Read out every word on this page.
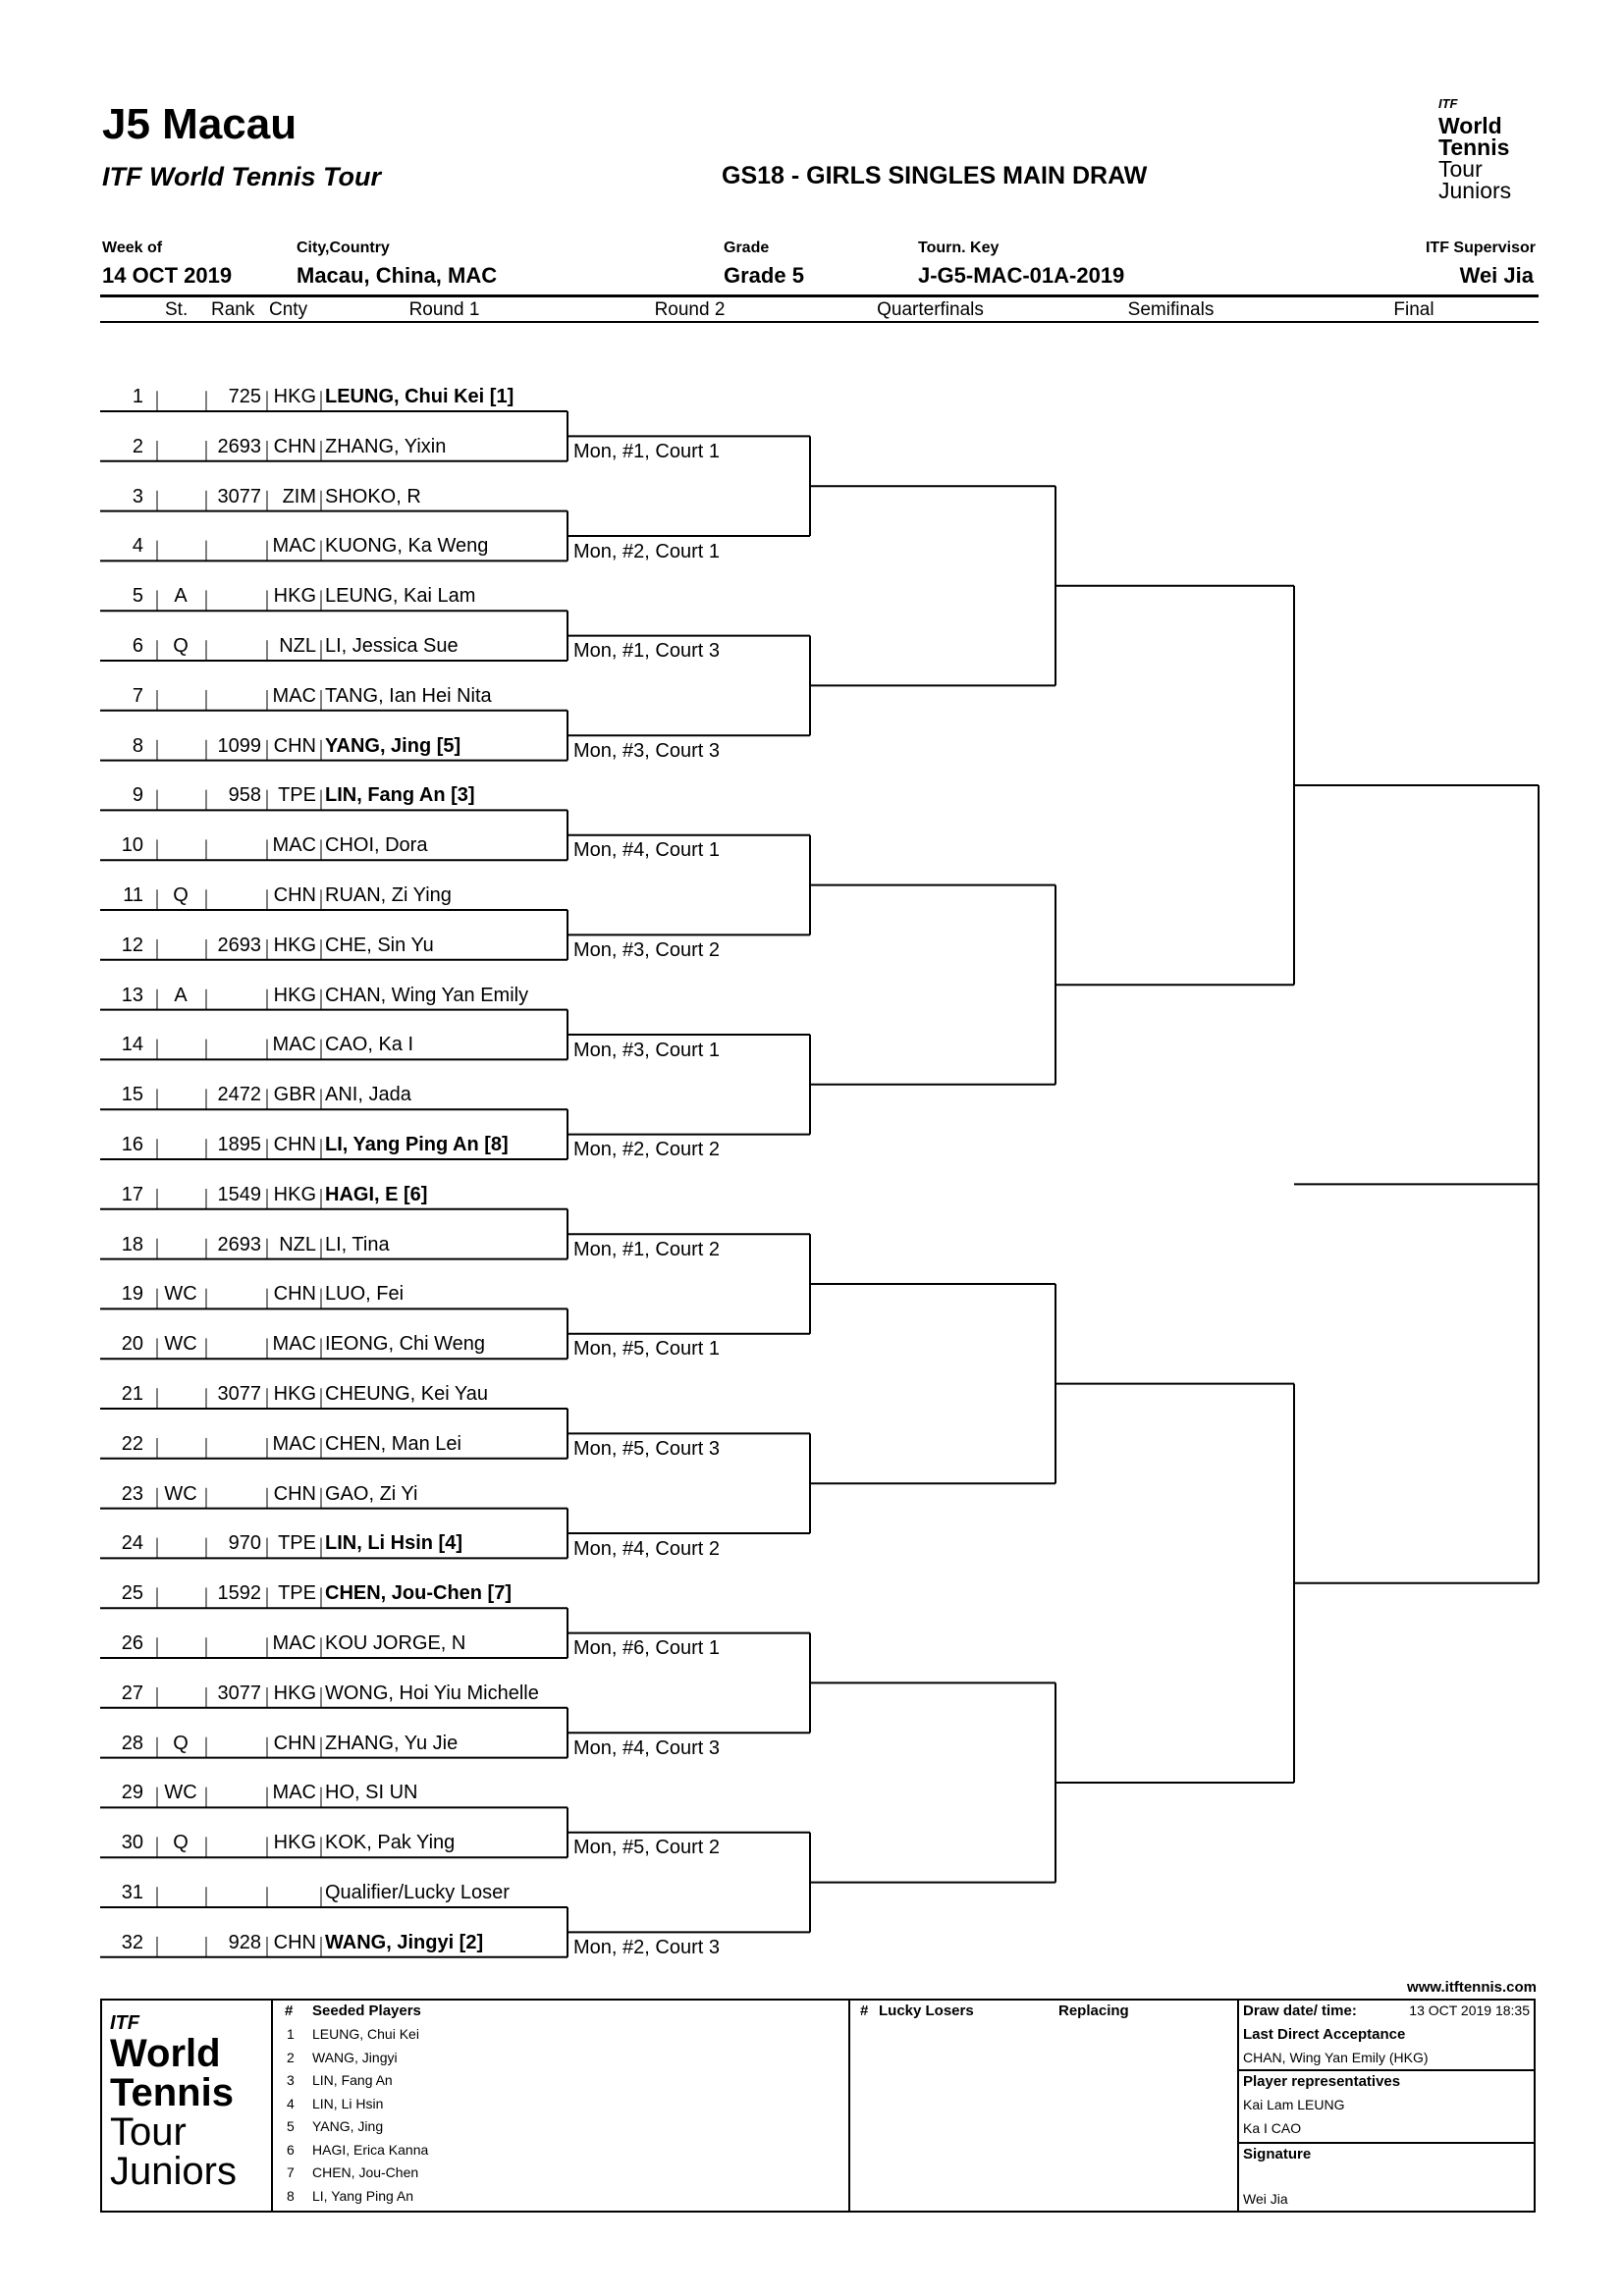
J5 Macau
ITF World Tennis Tour	GS18 - GIRLS SINGLES MAIN DRAW
ITF
World
Tennis
Tour
Juniors
Week of
14 OCT 2019
City,Country
Macau, China, MAC
Grade
Grade 5
Tourn. Key
J-G5-MAC-01A-2019
ITF Supervisor
Wei Jia
St. Rank Cnty	Round 1	Round 2	Quarterfinals	Semifinals	Final
1	725 HKG LEUNG, Chui Kei [1]
2	2693 CHN ZHANG, Yixin
3	3077	ZIM SHOKO, R
4	MAC KUONG, Ka Weng
5	A	HKG LEUNG, Kai Lam
6	Q	NZL LI, Jessica Sue
7	MAC TANG, Ian Hei Nita
8	1099 CHN YANG, Jing [5]
9	958 TPE LIN, Fang An [3]
10	MAC CHOI, Dora
11	Q	CHN RUAN, Zi Ying
12	2693 HKG CHE, Sin Yu
13	A	HKG CHAN, Wing Yan Emily
14	MAC CAO, Ka I
15	2472 GBR ANI, Jada
16	1895 CHN LI, Yang Ping An [8]
17	1549 HKG HAGI, E [6]
18	2693 NZL LI, Tina
19	WC	CHN LUO, Fei
20	WC	MAC IEONG, Chi Weng
21	3077 HKG CHEUNG, Kei Yau
22	MAC CHEN, Man Lei
23	WC	CHN GAO, Zi Yi
24	970 TPE LIN, Li Hsin [4]
25	1592 TPE CHEN, Jou-Chen [7]
26	MAC KOU JORGE, N
27	3077 HKG WONG, Hoi Yiu Michelle
28	Q	CHN ZHANG, Yu Jie
29	WC	MAC HO, SI UN
30	Q	HKG KOK, Pak Ying
31	Qualifier/Lucky Loser
32	928 CHN WANG, Jingyi [2]
Mon, #1, Court 1
Mon, #2, Court 1
Mon, #1, Court 3
Mon, #3, Court 3
Mon, #4, Court 1
Mon, #3, Court 2
Mon, #3, Court 1
Mon, #2, Court 2
Mon, #1, Court 2
Mon, #5, Court 1
Mon, #5, Court 3
Mon, #4, Court 2
Mon, #6, Court 1
Mon, #4, Court 3
Mon, #5, Court 2
Mon, #2, Court 3
www.itftennis.com
ITF
World
Tennis
Tour
Juniors
# Seeded Players
1 LEUNG, Chui Kei
2 WANG, Jingyi
3 LIN, Fang An
4 LIN, Li Hsin
5 YANG, Jing
6 HAGI, Erica Kanna
7 CHEN, Jou-Chen
8 LI, Yang Ping An
# Lucky Losers	Replacing	Draw date/ time:	13 OCT 2019 18:35
Last Direct Acceptance
CHAN, Wing Yan Emily (HKG)
Player representatives
Kai Lam LEUNG
Ka I CAO
Signature
Wei Jia
